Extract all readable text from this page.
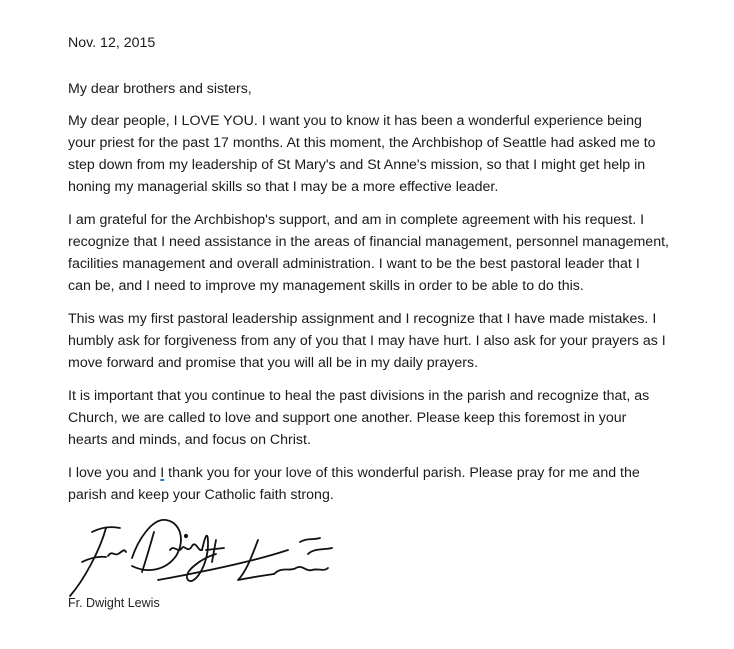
Nov. 12, 2015
My dear brothers and sisters,

My dear people, I LOVE YOU. I want you to know it has been a wonderful experience being
your priest for the past 17 months. At this moment, the Archbishop of Seattle had asked me to
step down from my leadership of St Mary's and St Anne's mission, so that I might get help in
honing my managerial skills so that I may be a more effective leader.

I am grateful for the Archbishop's support, and am in complete agreement with his request. I
recognize that I need assistance in the areas of financial management, personnel management,
facilities management and overall administration. I want to be the best pastoral leader that I
can be, and I need to improve my management skills in order to be able to do this.

This was my first pastoral leadership assignment and I recognize that I have made mistakes. I
humbly ask for forgiveness from any of you that I may have hurt. I also ask for your prayers as I
move forward and promise that you will all be in my daily prayers.

It is important that you continue to heal the past divisions in the parish and recognize that, as
Church, we are called to love and support one another. Please keep this foremost in your
hearts and minds, and focus on Christ.

I love you and I thank you for your love of this wonderful parish. Please pray for me and the
parish and keep your Catholic faith strong.

Fr. Dwight Lewis
